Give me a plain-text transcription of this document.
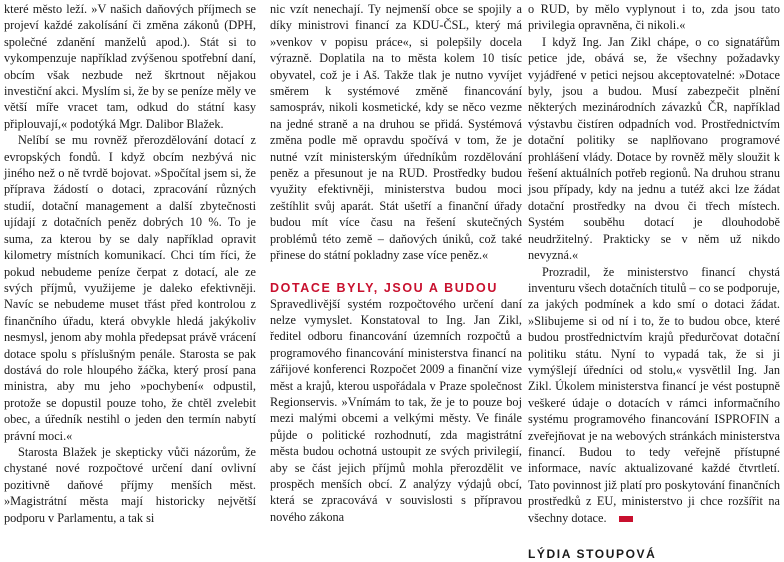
které město leží. »V našich daňových příjmech se projeví každé zakolísání či změna zákonů (DPH, společné zdanění manželů apod.). Stát si to vykompenzuje například zvýšenou spotřební daní, obcím však nezbude než škrtnout nějakou investiční akci. Myslím si, že by se peníze měly ve větší míře vracet tam, odkud do státní kasy připlouvají,« podotýká Mgr. Dalibor Blažek.

Nelíbí se mu rovněž přerozdělování dotací z evropských fondů. I když obcím nezbývá nic jiného než o ně tvrdě bojovat. »Spočítal jsem si, že příprava žádostí o dotaci, zpracování různých studií, dotační management a další zbytečnosti ujídají z dotačních peněz dobrých 10 %. To je suma, za kterou by se daly například opravit kilometry místních komunikací. Chci tím říci, že pokud nebudeme peníze čerpat z dotací, ale ze svých příjmů, využijeme je daleko efektivněji. Navíc se nebudeme muset třást před kontrolou z finančního úřadu, která obvykle hledá jakýkoliv nesmysl, jenom aby mohla předepsat právě vrácení dotace spolu s příslušným penále. Starosta se pak dostává do role hloupého žáčka, který prosí pana ministra, aby mu jeho »pochybení« odpustil, protože se dopustil pouze toho, že chtěl zvelebit obec, a úředník nestihl o jeden den termín nabytí právní moci.«

Starosta Blažek je skepticky vůči názorům, že chystané nové rozpočtové určení daní ovlivní pozitivně daňové příjmy menších měst. »Magistrátní města mají historicky největší podporu v Parlamentu, a tak si

nic vzít nenechají. Ty nejmenší obce se spojily a díky ministrovi financí za KDU-ČSL, který má »venkov v popisu práce«, si polepšily docela výrazně. Doplatila na to města kolem 10 tisíc obyvatel, což je i Aš. Takže tlak je nutno vyvíjet směrem k systémové změně financování samospráv, nikoli kosmetické, kdy se něco vezme na jedné straně a na druhou se přidá. Systémová změna podle mě opravdu spočívá v tom, že je nutné vzít ministerským úředníkům rozdělování peněz a přesunout je na RUD. Prostředky budou využity efektivněji, ministerstva budou moci zeštíhlit svůj aparát. Stát ušetří a finanční úřady budou mít více času na řešení skutečných problémů této země – daňových úniků, což také přinese do státní pokladny zase více peněz.«

DOTACE BYLY, JSOU A BUDOU

Spravedlivější systém rozpočtového určení daní nelze vymyslet. Konstatoval to Ing. Jan Zikl, ředitel odboru financování územních rozpočtů a programového financování ministerstva financí na zářijové konferenci Rozpočet 2009 a finanční vize měst a krajů, kterou uspořádala v Praze společnost Regionservis. »Vnímám to tak, že je to pouze boj mezi malými obcemi a velkými městy. Ve finále půjde o politické rozhodnutí, zda magistrátní města budou ochotná ustoupit ze svých privilegií, aby se část jejich příjmů mohla přerozdělit ve prospěch menších obcí. Z analýzy výdajů obcí, která se zpracovává v souvislosti s přípravou nového zákona

o RUD, by mělo vyplynout i to, zda jsou tato privilegia opravněna, či nikoli.«

I když Ing. Jan Zikl chápe, o co signatářům petice jde, obává se, že všechny požadavky vyjádřené v petici nejsou akceptovatelné: »Dotace byly, jsou a budou. Musí zabezpečit plnění některých mezinárodních závazků ČR, například výstavbu čistíren odpadních vod. Prostřednictvím dotační politiky se naplňovano programové prohlášení vlády. Dotace by rovněž měly sloužit k řešení aktuálních potřeb regionů. Na druhou stranu jsou případy, kdy na jednu a tutéž akci lze žádat dotační prostředky na dvou či třech místech. Systém souběhu dotací je dlouhodobě neudržitelný. Prakticky se v něm už nikdo nevyzná.«

Prozradil, že ministerstvo financí chystá inventuru všech dotačních titulů – co se podporuje, za jakých podmínek a kdo smí o dotaci žádat. »Slibujeme si od ní i to, že to budou obce, které budou prostřednictvím krajů předurčovat dotační politiku státu. Nyní to vypadá tak, že si ji vymýšlejí úředníci od stolu,« vysvětlil Ing. Jan Zikl. Úkolem ministerstva financí je vést postupně veškeré údaje o dotacích v rámci informačního systému programového financování ISPROFIN a zveřejňovat je na webových stránkách ministerstva financí. Budou to tedy veřejně přístupné informace, navíc aktualizované každé čtvrtletí. Tato povinnost již platí pro poskytování finančních prostředků z EU, ministerstvo ji chce rozšířit na všechny dotace.

LÝDIA STOUPOVÁ
